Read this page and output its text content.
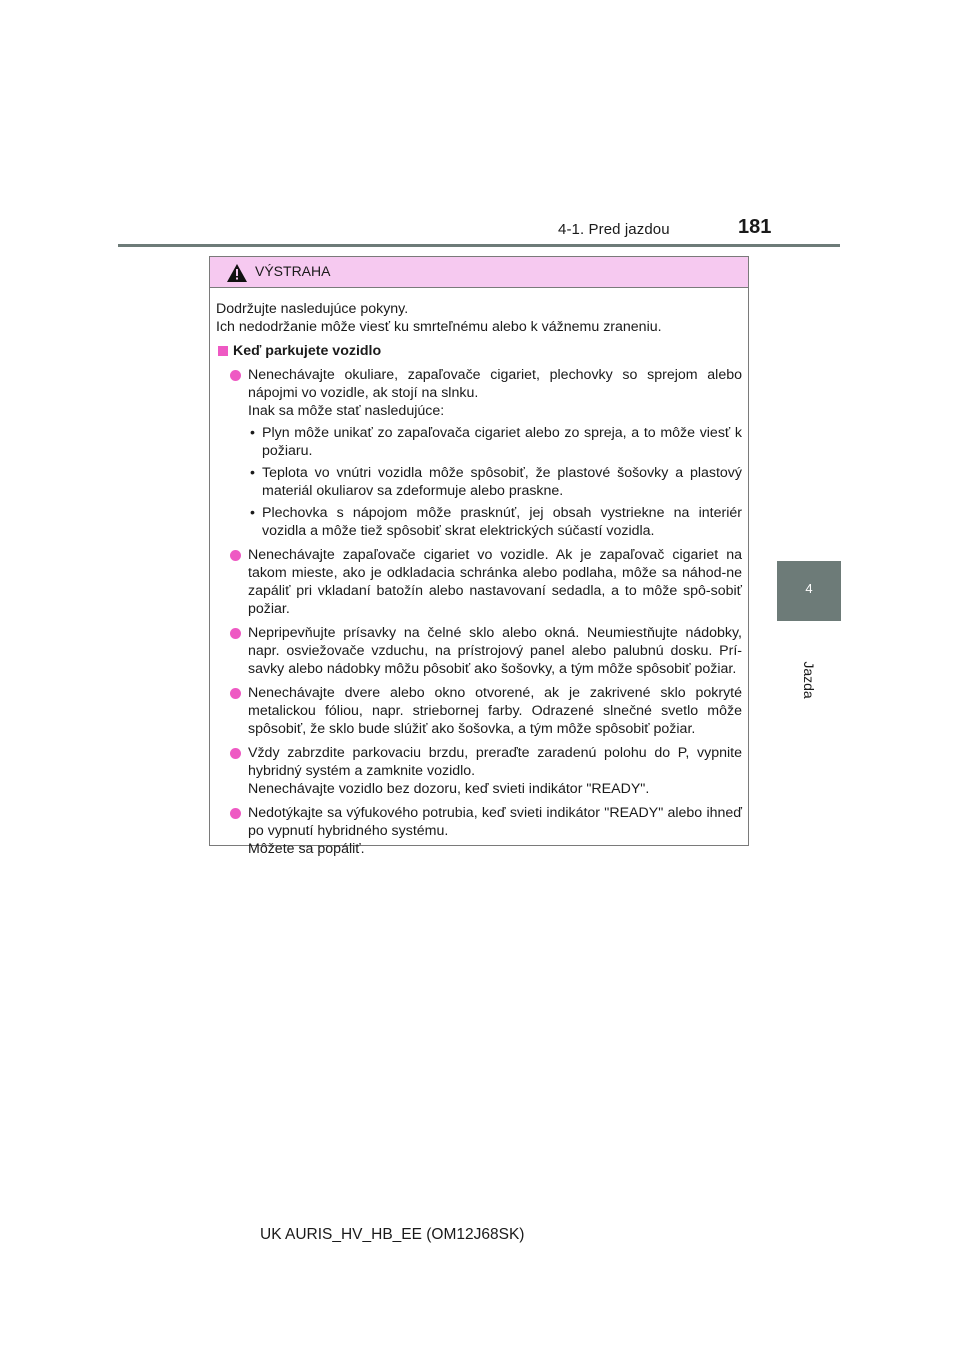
4-1. Pred jazdou	181
4
Jazda
VÝSTRAHA

Dodržujte nasledujúce pokyny.

Ich nedodržanie môže viesť ku smrteľnému alebo k vážnemu zraneniu.

Keď parkujete vozidlo

Nenechávajte okuliare, zapaľovače cigariet, plechovky so sprejom alebo nápojmi vo vozidle, ak stojí na slnku.

Inak sa môže stať nasledujúce:

• Plyn môže unikať zo zapaľovača cigariet alebo zo spreja, a to môže viesť k požiaru.
• Teplota vo vnútri vozidla môže spôsobiť, že plastové šošovky a plastový materiál okuliarov sa zdeformuje alebo praskne.
• Plechovka s nápojom môže prasknúť, jej obsah vystriekne na interiér vozidla a môže tiež spôsobiť skrat elektrických súčastí vozidla.

Nenechávajte zapaľovače cigariet vo vozidle. Ak je zapaľovač cigariet na takom mieste, ako je odkladacia schránka alebo podlaha, môže sa náhod-ne zapáliť pri vkladaní batožín alebo nastavovaní sedadla, a to môže spô-sobiť požiar.

Nepripevňujte prísavky na čelné sklo alebo okná. Neumiestňujte nádobky, napr. osviežovače vzduchu, na prístrojový panel alebo palubnú dosku. Prí-savky alebo nádobky môžu pôsobiť ako šošovky, a tým môže spôsobiť požiar.

Nenechávajte dvere alebo okno otvorené, ak je zakrivené sklo pokryté metalickou fóliou, napr. striebornej farby. Odrazené slnečné svetlo môže spôsobiť, že sklo bude slúžiť ako šošovka, a tým môže spôsobiť požiar.

Vždy zabrzdite parkovaciu brzdu, preraďte zaradenú polohu do P, vypnite hybridný systém a zamknite vozidlo.

Nenechávajte vozidlo bez dozoru, keď svieti indikátor "READY".

Nedotýkajte sa výfukového potrubia, keď svieti indikátor "READY" alebo ihneď po vypnutí hybridného systému.

Môžete sa popáliť.

UK AURIS_HV_HB_EE (OM12J68SK)
